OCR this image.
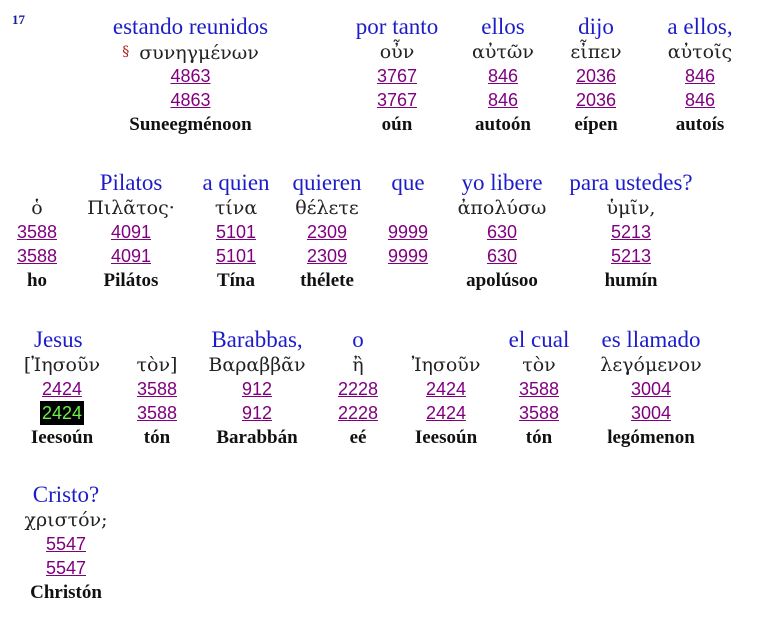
17	estando reunidos
§ συνηγμένων
4863
4863
Suneegménoon
por tanto
οὖν
3767
3767
oún
ellos
αὐτῶν
846
846
autoón
dijo
εἶπεν
2036
2036
eípen
a ellos,
αὐτοῖς
846
846
autoís
ὁ
3588
3588
ho
Pilatos
Πιλᾶτος·
4091
4091
Pilátos
a quien
τίνα
5101
5101
Tína
quieren
θέλετε
2309
2309
thélete
que
9999
9999
yo libere
ἀπολύσω
630
630
apolúsoo
para ustedes?
ὑμῖν,
5213
5213
humín
Jesus
[Ἰησοῦν
2424
2424
Ieesoún
τὸν]
3588
3588
tón
Barabbas,
Βαραββᾶν
912
912
Barabbán
o
ἢ
2228
2228
eé
Ἰησοῦν
2424
2424
Ieesoún
el cual
τὸν
3588
3588
tón
es llamado
λεγόμενον
3004
3004
legómenon
Cristo?
χριστόν;
5547
5547
Christón
